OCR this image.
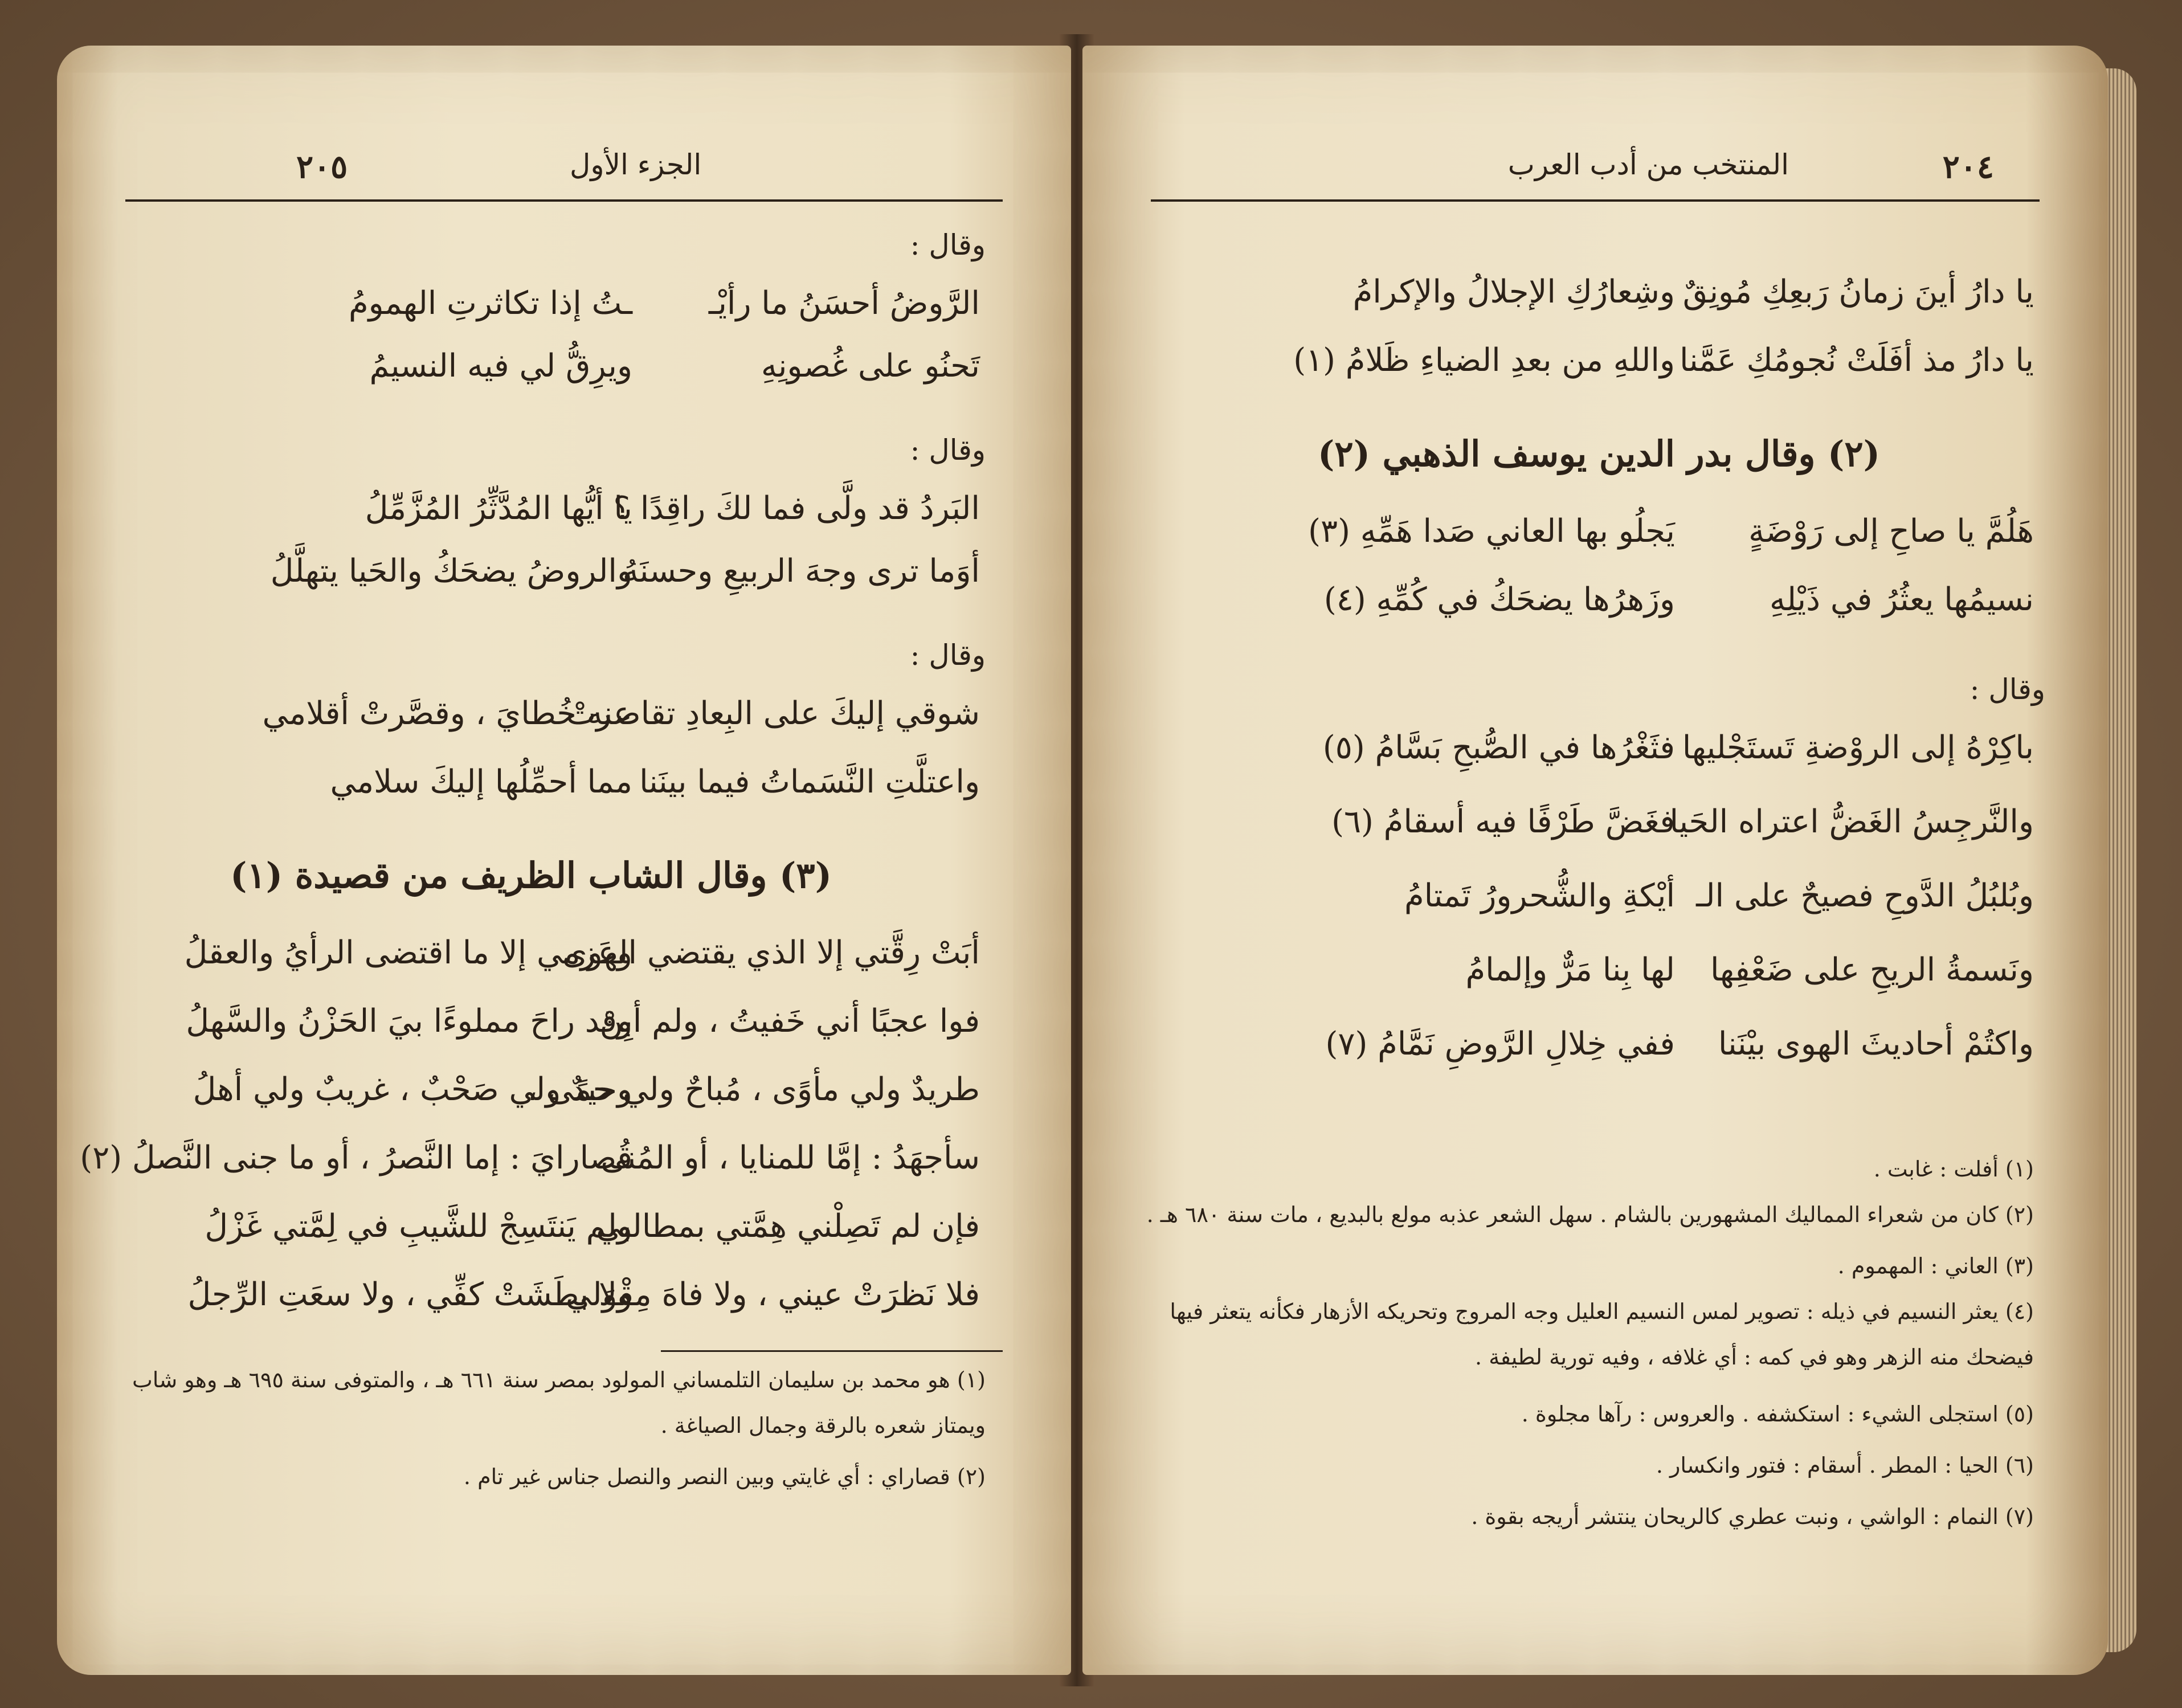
٢٠٥	الجزء الأول
وقال :
الرَّوضُ أحسَنُ ما رأيْـ
ـتُ إذا تكاثرتِ الهمومُ
تَحنُو على غُصونِهِ
ويرِقُّ لي فيه النسيمُ
وقال :
البَردُ قد ولَّى فما لكَ راقِدًا ؟
يا أيُّها المُدَّثِّرُ المُزَّمِّلُ
أوَما ترى وجهَ الربيعِ وحسنَهُ
والروضُ يضحَكُ والحَيا يتهلَّلُ
وقال :
شوقي إليكَ على البِعادِ تقاصرتْ
عنه خُطايَ ، وقصَّرتْ أقلامي
واعتلَّتِ النَّسَماتُ فيما بينَنا
مما أحمِّلُها إليكَ سلامي
(٣) وقال الشاب الظريف من قصيدة (١)
أبَتْ رِقَّتي إلا الذي يقتضي الهوى
وعَزمي إلا ما اقتضى الرأيُ والعقلُ
فوا عجبًا أني خَفيتُ ، ولم أبِنْ
وقد راحَ مملوءًا بيَ الحَزْنُ والسَّهلُ
طريدٌ ولي مأوًى ، مُباحٌ ولي حمًى ،
وحيدٌ ولي صَحْبٌ ، غريبٌ ولي أهلُ
سأجهَدُ : إمَّا للمنايا ، أو المُنى
قُصارايَ : إما النَّصرُ ، أو ما جنى النَّصلُ (٢)
فإن لم تَصِلْني هِمَّتي بمطالبي
ولم يَنتَسِجْ للشَّيبِ في لِمَّتي غَزْلُ
فلا نَظرَتْ عيني ، ولا فاهَ مِقْوَلي
ولا بطَشَتْ كفِّي ، ولا سعَتِ الرِّجلُ
(١) هو محمد بن سليمان التلمساني المولود بمصر سنة ٦٦١ هـ ، والمتوفى سنة ٦٩٥ هـ وهو شاب
ويمتاز شعره بالرقة وجمال الصياغة .
(٢) قصاراي : أي غايتي وبين النصر والنصل جناس غير تام .
٢٠٤
المنتخب من أدب العرب
يا دارُ أينَ زمانُ رَبعِكِ مُونِقٌ
وشِعارُكِ الإجلالُ والإكرامُ
يا دارُ مذ أفَلَتْ نُجومُكِ عَمَّنا
واللهِ من بعدِ الضياءِ ظَلامُ (١)
(٢) وقال بدر الدين يوسف الذهبي (٢)
هَلُمَّ يا صاحِ إلى رَوْضَةٍ
يَجلُو بها العاني صَدا هَمِّهِ (٣)
نسيمُها يعثُرُ في ذَيْلِهِ
وزَهرُها يضحَكُ في كُمِّهِ (٤)
وقال :
باكِرْهُ إلى الروْضةِ تَستَجْليها
فثَغْرُها في الصُّبحِ بَسَّامُ (٥)
والنَّرجِسُ الغَضُّ اعتراه الحَيا
فغَضَّ طَرْفًا فيه أسقامُ (٦)
وبُلبُلُ الدَّوحِ فصيحٌ على الـ
أيْكةِ والشُّحرورُ تَمتامُ
ونَسمةُ الريحِ على ضَعْفِها
لها بِنا مَرٌّ وإلمامُ
واكتُمْ أحاديثَ الهوى بيْنَنا
ففي خِلالِ الرَّوضِ نَمَّامُ (٧)
(١) أفلت : غابت .
(٢) كان من شعراء المماليك المشهورين بالشام . سهل الشعر عذبه مولع بالبديع ، مات سنة ٦٨٠ هـ .
(٣) العاني : المهموم .
(٤) يعثر النسيم في ذيله : تصوير لمس النسيم العليل وجه المروج وتحريكه الأزهار فكأنه يتعثر فيها
فيضحك منه الزهر وهو في كمه : أي غلافه ، وفيه تورية لطيفة .
(٥) استجلى الشيء : استكشفه . والعروس : رآها مجلوة .
(٦) الحيا : المطر . أسقام : فتور وانكسار .
(٧) النمام : الواشي ، ونبت عطري كالريحان ينتشر أريجه بقوة .
